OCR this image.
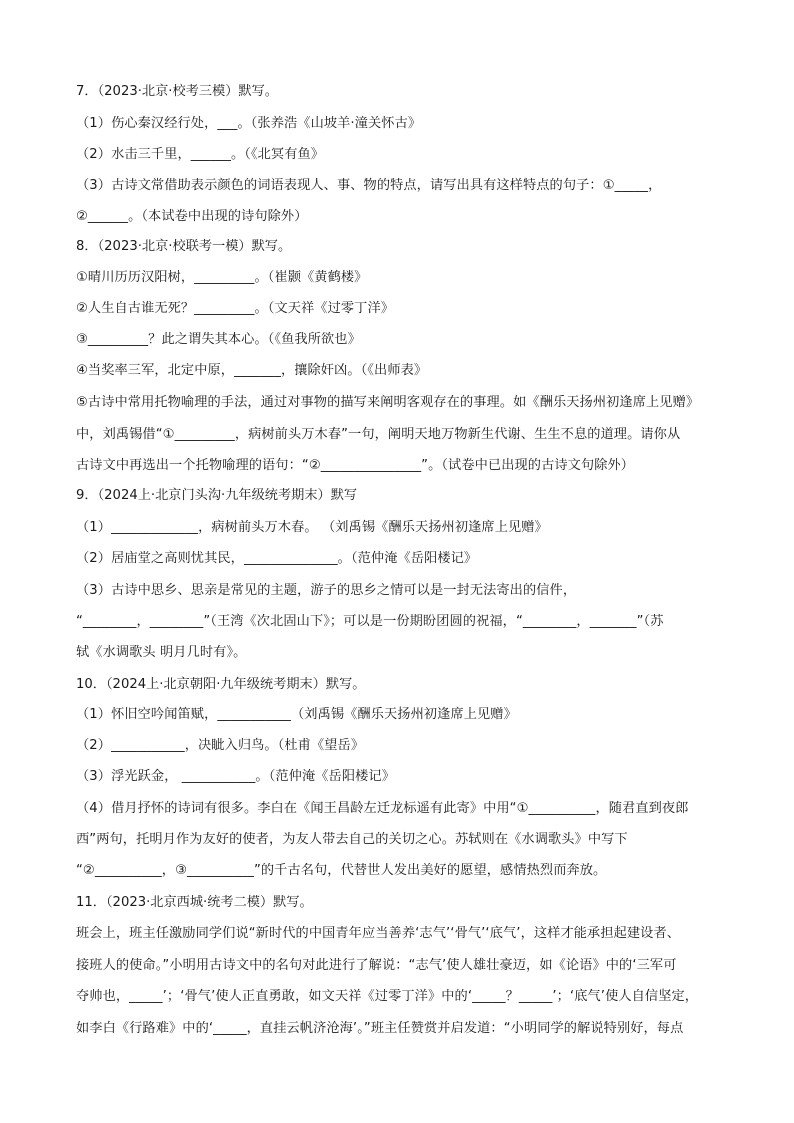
7．（2023·北京·校考三模）默写。
（1）伤心秦汉经行处，___。（张养浩《山坡羊·潼关怀古》
（2）水击三千里，______。（《北冥有鱼》
（3）古诗文常借助表示颜色的词语表现人、事、物的特点，请写出具有这样特点的句子：①_____，
②______。（本试卷中出现的诗句除外）
8．（2023·北京·校联考一模）默写。
①晴川历历汉阳树，_________。（崔颢《黄鹤楼》
②人生自古谁无死？_________。（文天祥《过零丁洋》
③_________？此之谓失其本心。（《鱼我所欲也》
④当奖率三军，北定中原，_______，攘除奸凶。（《出师表》
⑤古诗中常用托物喻理的手法，通过对事物的描写来阐明客观存在的事理。如《酬乐天扬州初逢席上见赠》
中，刘禹锡借“①_________，病树前头万木春”一句，阐明天地万物新生代谢、生生不息的道理。请你从
古诗文中再选出一个托物喻理的语句：“②_______________”。（试卷中已出现的古诗文句除外）
9．（2024上·北京门头沟·九年级统考期末）默写
（1）_____________，病树前头万木春。 （刘禹锡《酬乐天扬州初逢席上见赠》
（2）居庙堂之高则忧其民，______________。（范仲淹《岳阳楼记》
（3）古诗中思乡、思亲是常见的主题，游子的思乡之情可以是一封无法寄出的信件，
“________，________”（王湾《次北固山下》；可以是一份期盼团圆的祝福，“________，_______”（苏
轼《水调歌头 明月几时有》。
10．（2024上·北京朝阳·九年级统考期末）默写。
（1）怀旧空吟闻笛赋，___________（刘禹锡《酬乐天扬州初逢席上见赠》
（2）___________，决眦入归鸟。（杜甫《望岳》
（3）浮光跃金， ___________。（范仲淹《岳阳楼记》
（4）借月抒怀的诗词有很多。李白在《闻王昌龄左迁龙标遥有此寄》中用“①__________，随君直到夜郎
西”两句，托明月作为友好的使者，为友人带去自己的关切之心。苏轼则在《水调歌头》中写下
“②__________，③__________”的千古名句，代替世人发出美好的愿望，感情热烈而奔放。
11．（2023·北京西城·统考二模）默写。
班会上，班主任激励同学们说“新时代的中国青年应当善养‘志气’‘骨气’‘底气’，这样才能承担起建设者、
接班人的使命。”小明用古诗文中的名句对此进行了解说：“志气’使人雄壮豪迈，如《论语》中的‘三军可
夺帅也，_____’；‘骨气’使人正直勇敢，如文天祥《过零丁洋》中的‘_____？_____’；‘底气’使人自信坚定，
如李白《行路难》中的‘_____，直挂云帆济沧海’。”班主任赞赏并启发道：“小明同学的解说特别好，每点
